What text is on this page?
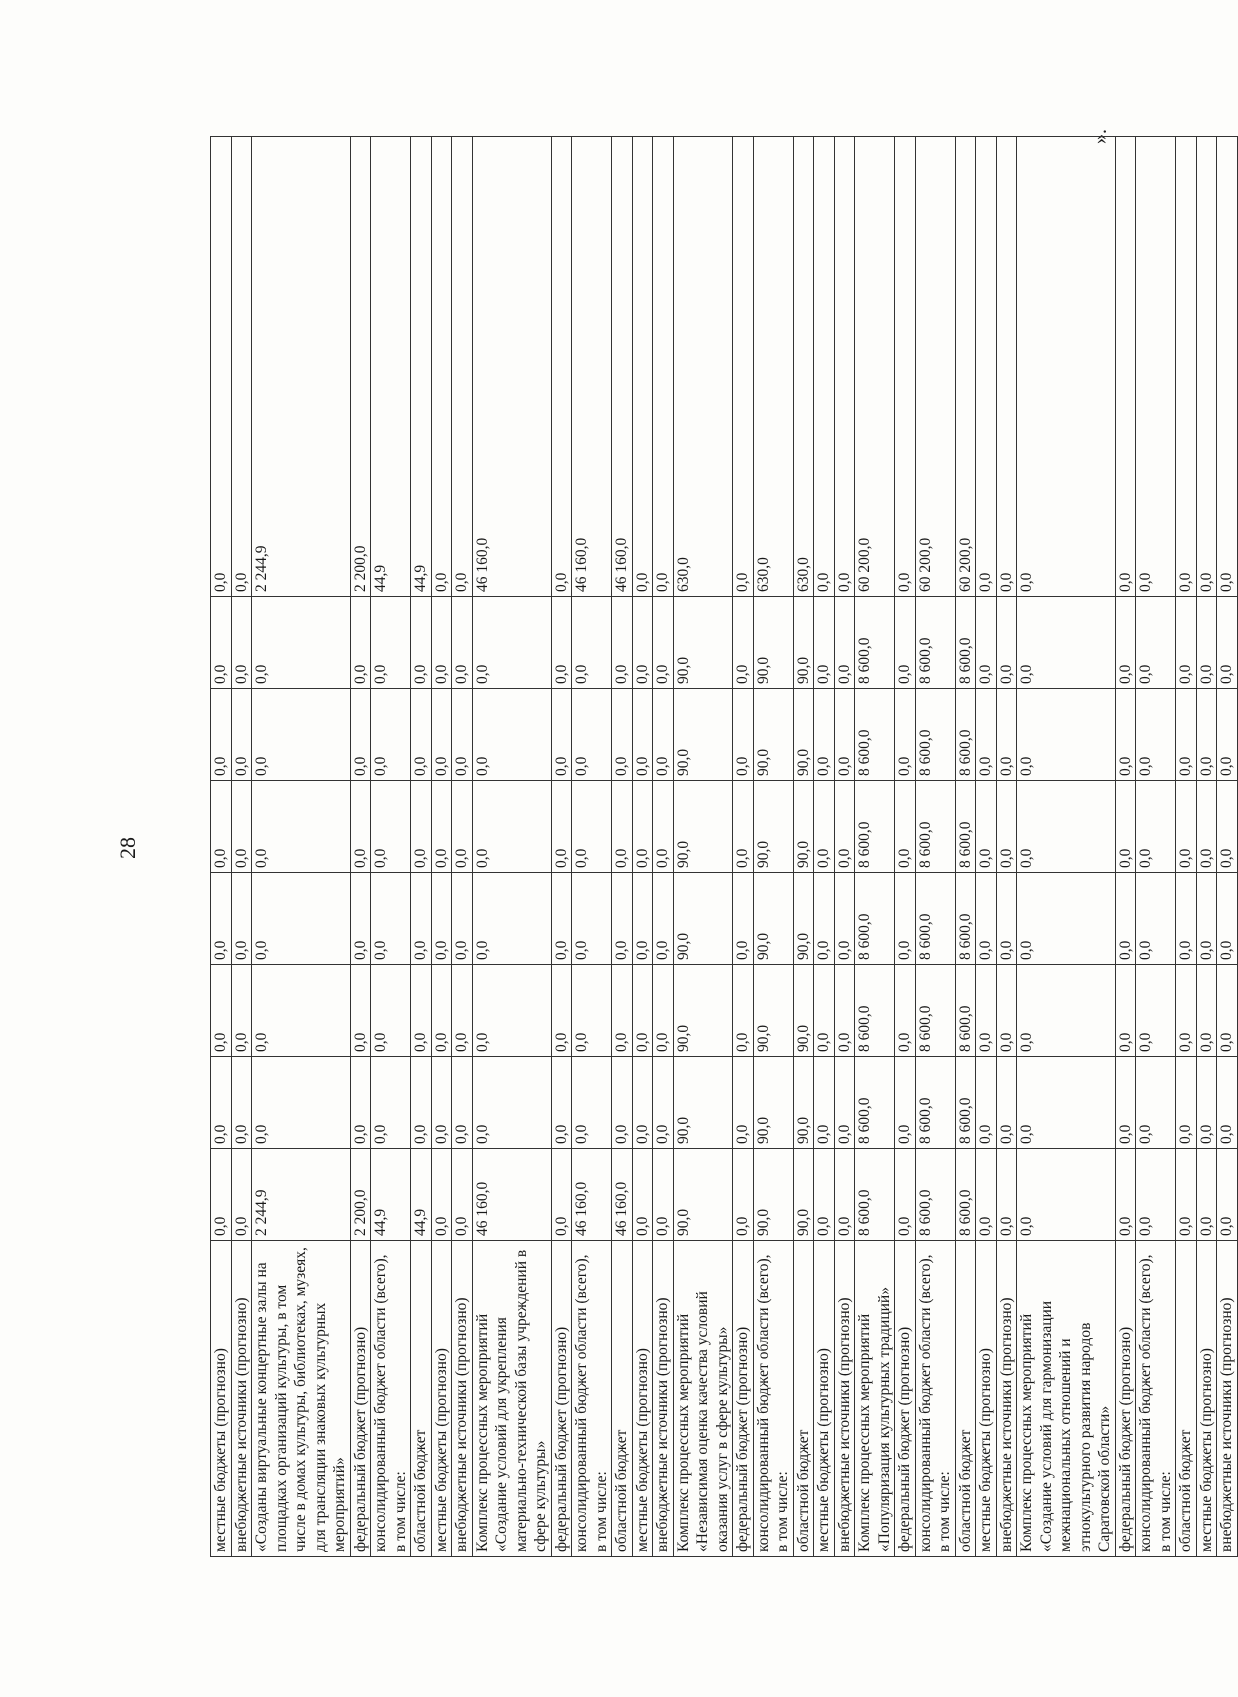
28
».
местные бюджеты (прогнозно)	0,0	0,0	0,0	0,0	0,0	0,0	0,0	0,0
внебюджетные источники (прогнозно)	0,0	0,0	0,0	0,0	0,0	0,0	0,0	0,0
«Созданы виртуальные концертные залы на площадках организаций культуры, в том числе в домах культуры, библиотеках, музеях, для трансляции знаковых культурных мероприятий»	2 244,9	0,0	0,0	0,0	0,0	0,0	0,0	2 244,9
федеральный бюджет (прогнозно)	2 200,0	0,0	0,0	0,0	0,0	0,0	0,0	2 200,0
консолидированный бюджет области (всего), в том числе:	44,9	0,0	0,0	0,0	0,0	0,0	0,0	44,9
областной бюджет	44,9	0,0	0,0	0,0	0,0	0,0	0,0	44,9
местные бюджеты (прогнозно)	0,0	0,0	0,0	0,0	0,0	0,0	0,0	0,0
внебюджетные источники (прогнозно)	0,0	0,0	0,0	0,0	0,0	0,0	0,0	0,0
Комплекс процессных мероприятий «Создание условий для укрепления материально-технической базы учреждений в сфере культуры»	46 160,0	0,0	0,0	0,0	0,0	0,0	0,0	46 160,0
федеральный бюджет (прогнозно)	0,0	0,0	0,0	0,0	0,0	0,0	0,0	0,0
консолидированный бюджет области (всего), в том числе:	46 160,0	0,0	0,0	0,0	0,0	0,0	0,0	46 160,0
областной бюджет	46 160,0	0,0	0,0	0,0	0,0	0,0	0,0	46 160,0
местные бюджеты (прогнозно)	0,0	0,0	0,0	0,0	0,0	0,0	0,0	0,0
внебюджетные источники (прогнозно)	0,0	0,0	0,0	0,0	0,0	0,0	0,0	0,0
Комплекс процессных мероприятий «Независимая оценка качества условий оказания услуг в сфере культуры»	90,0	90,0	90,0	90,0	90,0	90,0	90,0	630,0
федеральный бюджет (прогнозно)	0,0	0,0	0,0	0,0	0,0	0,0	0,0	0,0
консолидированный бюджет области (всего), в том числе:	90,0	90,0	90,0	90,0	90,0	90,0	90,0	630,0
областной бюджет	90,0	90,0	90,0	90,0	90,0	90,0	90,0	630,0
местные бюджеты (прогнозно)	0,0	0,0	0,0	0,0	0,0	0,0	0,0	0,0
внебюджетные источники (прогнозно)	0,0	0,0	0,0	0,0	0,0	0,0	0,0	0,0
Комплекс процессных мероприятий «Популяризация культурных традиций»	8 600,0	8 600,0	8 600,0	8 600,0	8 600,0	8 600,0	8 600,0	60 200,0
федеральный бюджет (прогнозно)	0,0	0,0	0,0	0,0	0,0	0,0	0,0	0,0
консолидированный бюджет области (всего), в том числе:	8 600,0	8 600,0	8 600,0	8 600,0	8 600,0	8 600,0	8 600,0	60 200,0
областной бюджет	8 600,0	8 600,0	8 600,0	8 600,0	8 600,0	8 600,0	8 600,0	60 200,0
местные бюджеты (прогнозно)	0,0	0,0	0,0	0,0	0,0	0,0	0,0	0,0
внебюджетные источники (прогнозно)	0,0	0,0	0,0	0,0	0,0	0,0	0,0	0,0
Комплекс процессных мероприятий «Создание условий для гармонизации межнациональных отношений и этнокультурного развития народов Саратовской области»	0,0	0,0	0,0	0,0	0,0	0,0	0,0	0,0
федеральный бюджет (прогнозно)	0,0	0,0	0,0	0,0	0,0	0,0	0,0	0,0
консолидированный бюджет области (всего), в том числе:	0,0	0,0	0,0	0,0	0,0	0,0	0,0	0,0
областной бюджет	0,0	0,0	0,0	0,0	0,0	0,0	0,0	0,0
местные бюджеты (прогнозно)	0,0	0,0	0,0	0,0	0,0	0,0	0,0	0,0
внебюджетные источники (прогнозно)	0,0	0,0	0,0	0,0	0,0	0,0	0,0	0,0
